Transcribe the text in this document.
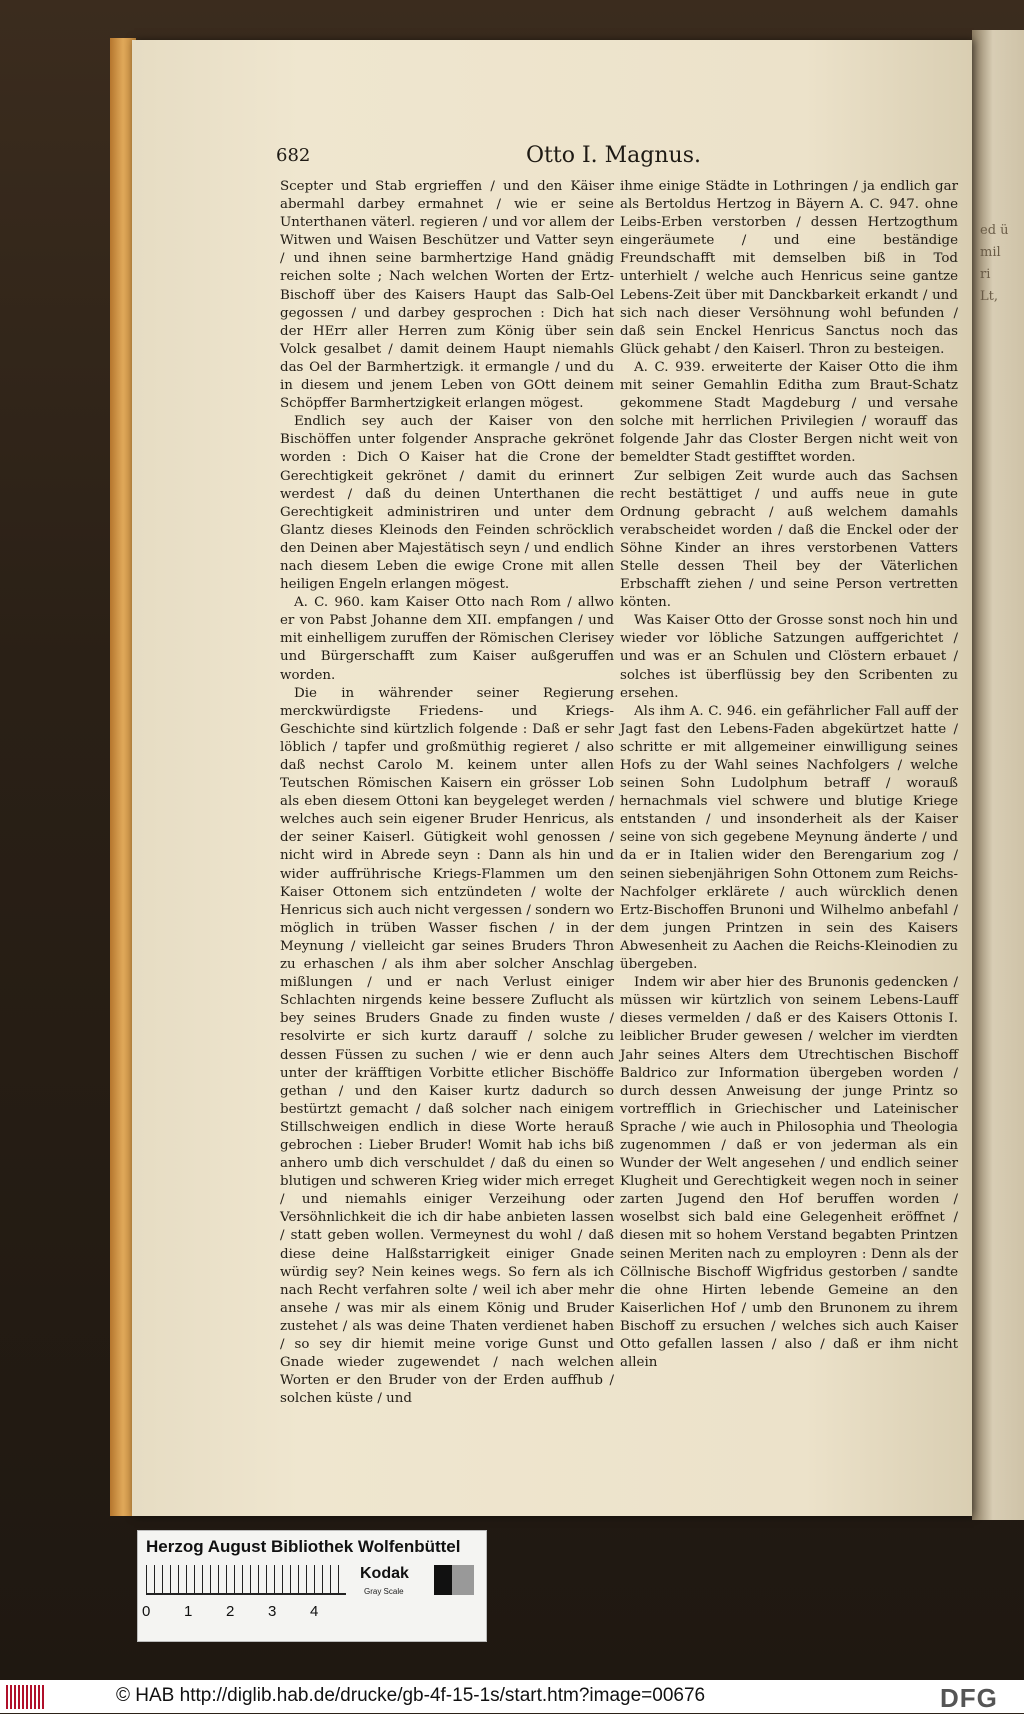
ed ü
mil
ri
Lt,
682	Otto I. Magnus.

Scepter und Stab ergrieffen / und den Käiser abermahl darbey ermahnet / wie er seine Unterthanen väterl. regieren / und vor allem der Witwen und Waisen Beschützer und Vatter seyn / und ihnen seine barmhertzige Hand gnädig reichen solte ; Nach welchen Worten der Ertz-Bischoff über des Kaisers Haupt das Salb-Oel gegossen / und darbey gesprochen : Dich hat der HErr aller Herren zum König über sein Volck gesalbet / damit deinem Haupt niemahls das Oel der Barmhertzigk. it ermangle / und du in diesem und jenem Leben von GOtt deinem Schöpffer Barmhertzigkeit erlangen mögest.

Endlich sey auch der Kaiser von den Bischöffen unter folgender Ansprache gekrönet worden : Dich O Kaiser hat die Crone der Gerechtigkeit gekrönet / damit du erinnert werdest / daß du deinen Unterthanen die Gerechtigkeit administriren und unter dem Glantz dieses Kleinods den Feinden schröcklich den Deinen aber Majestätisch seyn / und endlich nach diesem Leben die ewige Crone mit allen heiligen Engeln erlangen mögest.

A. C. 960. kam Kaiser Otto nach Rom / allwo er von Pabst Johanne dem XII. empfangen / und mit einhelligem zuruffen der Römischen Clerisey und Bürgerschafft zum Kaiser außgeruffen worden.

Die in währender seiner Regierung merckwürdigste Friedens- und Kriegs-Geschichte sind kürtzlich folgende : Daß er sehr löblich / tapfer und großmüthig regieret / also daß nechst Carolo M. keinem unter allen Teutschen Römischen Kaisern ein grösser Lob als eben diesem Ottoni kan beygeleget werden / welches auch sein eigener Bruder Henricus, als der seiner Kaiserl. Gütigkeit wohl genossen / nicht wird in Abrede seyn : Dann als hin und wider auffrührische Kriegs-Flammen um den Kaiser Ottonem sich entzündeten / wolte der Henricus sich auch nicht vergessen / sondern wo möglich in trüben Wasser fischen / in der Meynung / vielleicht gar seines Bruders Thron zu erhaschen / als ihm aber solcher Anschlag mißlungen / und er nach Verlust einiger Schlachten nirgends keine bessere Zuflucht als bey seines Bruders Gnade zu finden wuste / resolvirte er sich kurtz darauff / solche zu dessen Füssen zu suchen / wie er denn auch unter der kräfftigen Vorbitte etlicher Bischöffe gethan / und den Kaiser kurtz dadurch so bestürtzt gemacht / daß solcher nach einigem Stillschweigen endlich in diese Worte herauß gebrochen : Lieber Bruder! Womit hab ichs biß anhero umb dich verschuldet / daß du einen so blutigen und schweren Krieg wider mich erreget / und niemahls einiger Verzeihung oder Versöhnlichkeit die ich dir habe anbieten lassen / statt geben wollen. Vermeynest du wohl / daß diese deine Halßstarrigkeit einiger Gnade würdig sey? Nein keines wegs. So fern als ich nach Recht verfahren solte / weil ich aber mehr ansehe / was mir als einem König und Bruder zustehet / als was deine Thaten verdienet haben / so sey dir hiemit meine vorige Gunst und Gnade wieder zugewendet / nach welchen Worten er den Bruder von der Erden auffhub / solchen küste / und

ihme einige Städte in Lothringen / ja endlich gar als Bertoldus Hertzog in Bäyern A. C. 947. ohne Leibs-Erben verstorben / dessen Hertzogthum eingeräumete / und eine beständige Freundschafft mit demselben biß in Tod unterhielt / welche auch Henricus seine gantze Lebens-Zeit über mit Danckbarkeit erkandt / und sich nach dieser Versöhnung wohl befunden / daß sein Enckel Henricus Sanctus noch das Glück gehabt / den Kaiserl. Thron zu besteigen.

A. C. 939. erweiterte der Kaiser Otto die ihm mit seiner Gemahlin Editha zum Braut-Schatz gekommene Stadt Magdeburg / und versahe solche mit herrlichen Privilegien / worauff das folgende Jahr das Closter Bergen nicht weit von bemeldter Stadt gestifftet worden.

Zur selbigen Zeit wurde auch das Sachsen recht bestättiget / und auffs neue in gute Ordnung gebracht / auß welchem damahls verabscheidet worden / daß die Enckel oder der Söhne Kinder an ihres verstorbenen Vatters Stelle dessen Theil bey der Väterlichen Erbschafft ziehen / und seine Person vertretten könten.

Was Kaiser Otto der Grosse sonst noch hin und wieder vor löbliche Satzungen auffgerichtet / und was er an Schulen und Clöstern erbauet / solches ist überflüssig bey den Scribenten zu ersehen.

Als ihm A. C. 946. ein gefährlicher Fall auff der Jagt fast den Lebens-Faden abgekürtzet hatte / schritte er mit allgemeiner einwilligung seines Hofs zu der Wahl seines Nachfolgers / welche seinen Sohn Ludolphum betraff / worauß hernachmals viel schwere und blutige Kriege entstanden / und insonderheit als der Kaiser seine von sich gegebene Meynung änderte / und da er in Italien wider den Berengarium zog / seinen siebenjährigen Sohn Ottonem zum Reichs-Nachfolger erklärete / auch würcklich denen Ertz-Bischoffen Brunoni und Wilhelmo anbefahl / dem jungen Printzen in sein des Kaisers Abwesenheit zu Aachen die Reichs-Kleinodien zu übergeben.

Indem wir aber hier des Brunonis gedencken / müssen wir kürtzlich von seinem Lebens-Lauff dieses vermelden / daß er des Kaisers Ottonis I. leiblicher Bruder gewesen / welcher im vierdten Jahr seines Alters dem Utrechtischen Bischoff Baldrico zur Information übergeben worden / durch dessen Anweisung der junge Printz so vortrefflich in Griechischer und Lateinischer Sprache / wie auch in Philosophia und Theologia zugenommen / daß er von jederman als ein Wunder der Welt angesehen / und endlich seiner Klugheit und Gerechtigkeit wegen noch in seiner zarten Jugend den Hof beruffen worden / woselbst sich bald eine Gelegenheit eröffnet / diesen mit so hohem Verstand begabten Printzen seinen Meriten nach zu employren : Denn als der Cöllnische Bischoff Wigfridus gestorben / sandte die ohne Hirten lebende Gemeine an den Kaiserlichen Hof / umb den Brunonem zu ihrem Bischoff zu ersuchen / welches sich auch Kaiser Otto gefallen lassen / also / daß er ihm nicht allein

Herzog August Bibliothek Wolfenbüttel
0 1 2 3 4
Kodak
Gray Scale
© HAB http://diglib.hab.de/drucke/gb-4f-15-1s/start.htm?image=00676	DFG
